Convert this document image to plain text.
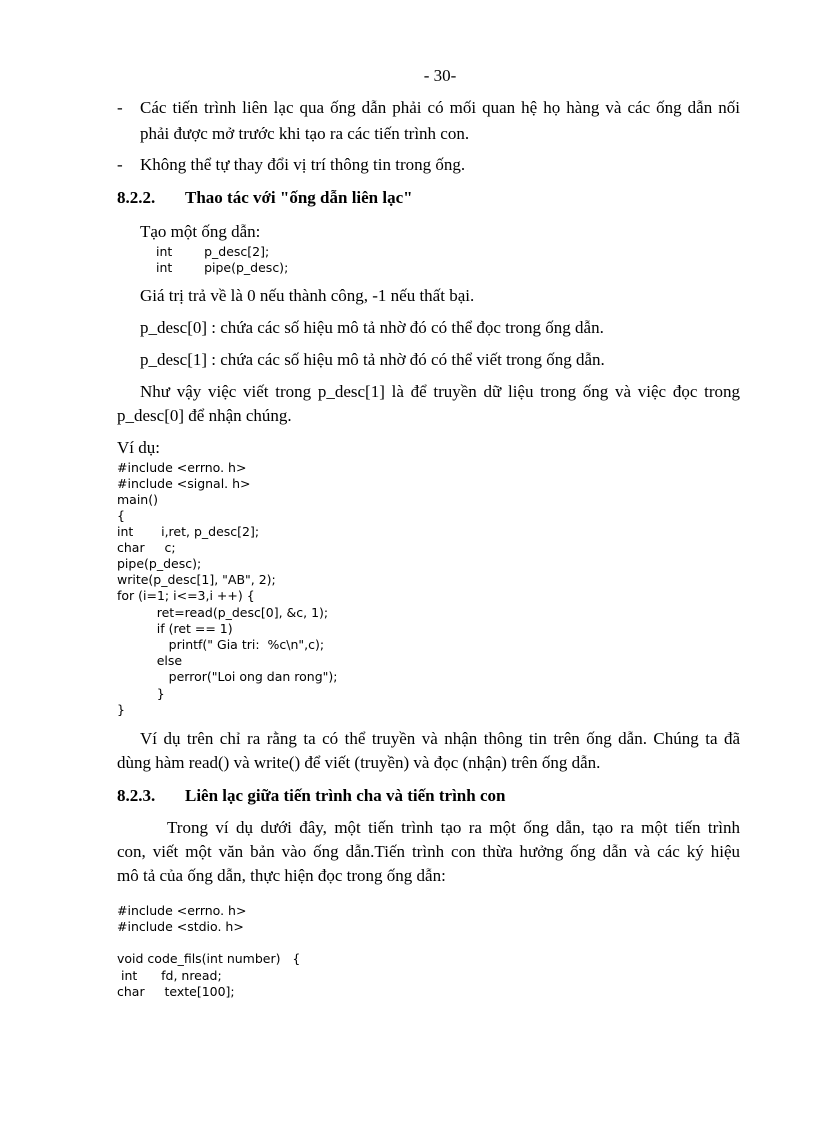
- 30-
- Các tiến trình liên lạc qua ống dẫn phải có mối quan hệ họ hàng và các ống dẫn nối
phải được mở trước khi tạo ra các tiến trình con.
- Không thể tự thay đổi vị trí thông tin trong ống.
8.2.2. Thao tác với "ống dẫn liên lạc"
Tạo một ống dẫn:
int        p_desc[2];
int        pipe(p_desc);
Giá trị trả về là 0 nếu thành công, -1 nếu thất bại.
p_desc[0] : chứa các số hiệu mô tả nhờ đó có thể đọc trong ống dẫn.
p_desc[1] : chứa các số hiệu mô tả nhờ đó có thể viết trong ống dẫn.
Như vậy việc viết trong p_desc[1] là để truyền dữ liệu trong ống và việc đọc trong
p_desc[0] để nhận chúng.
Ví dụ:
#include <errno. h>
#include <signal. h>
main()
{
int       i,ret, p_desc[2];
char     c;
pipe(p_desc);
write(p_desc[1], "AB", 2);
for (i=1; i<=3,i ++) {
ret=read(p_desc[0], &c, 1);
if (ret == 1)
printf(" Gia tri:  %c\n",c);
else
perror("Loi ong dan rong");
}
}
Ví dụ trên chỉ ra rằng ta có thể truyền và nhận thông tin trên ống dẫn. Chúng ta đã
dùng hàm read() và write() để viết (truyền) và đọc (nhận) trên ống dẫn.
8.2.3. Liên lạc giữa tiến trình cha và tiến trình con
Trong ví dụ dưới đây, một tiến trình tạo ra một ống dẫn, tạo ra một tiến trình
con, viết một văn bản vào ống dẫn.Tiến trình con thừa hưởng ống dẫn và các ký hiệu
mô tả của ống dẫn, thực hiện đọc trong ống dẫn:
#include <errno. h>
#include <stdio. h>
void code_fils(int number)   {
int      fd, nread;
char     texte[100];
